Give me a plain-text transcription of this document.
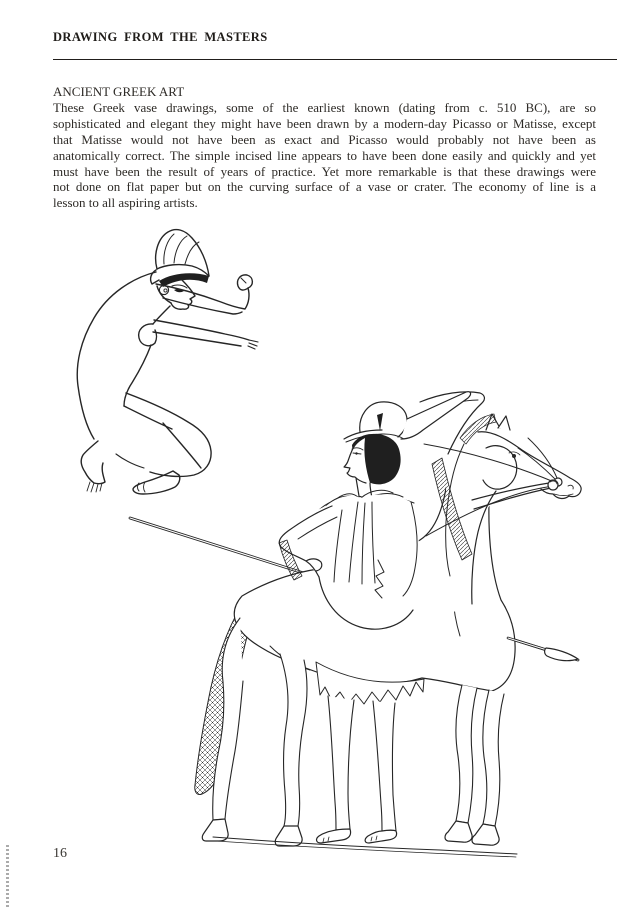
DRAWING FROM THE MASTERS
ANCIENT GREEK ART
These Greek vase drawings, some of the earliest known (dating from c. 510 BC), are so
sophisticated and elegant they might have been drawn by a modern-day Picasso or Matisse, except
that Matisse would not have been as exact and Picasso would probably not have been as
anatomically correct. The simple incised line appears to have been done easily and quickly and yet
must have been the result of years of practice. Yet more remarkable is that these drawings were
not done on flat paper but on the curving surface of a vase or crater. The economy of line is a
lesson to all aspiring artists.
16
